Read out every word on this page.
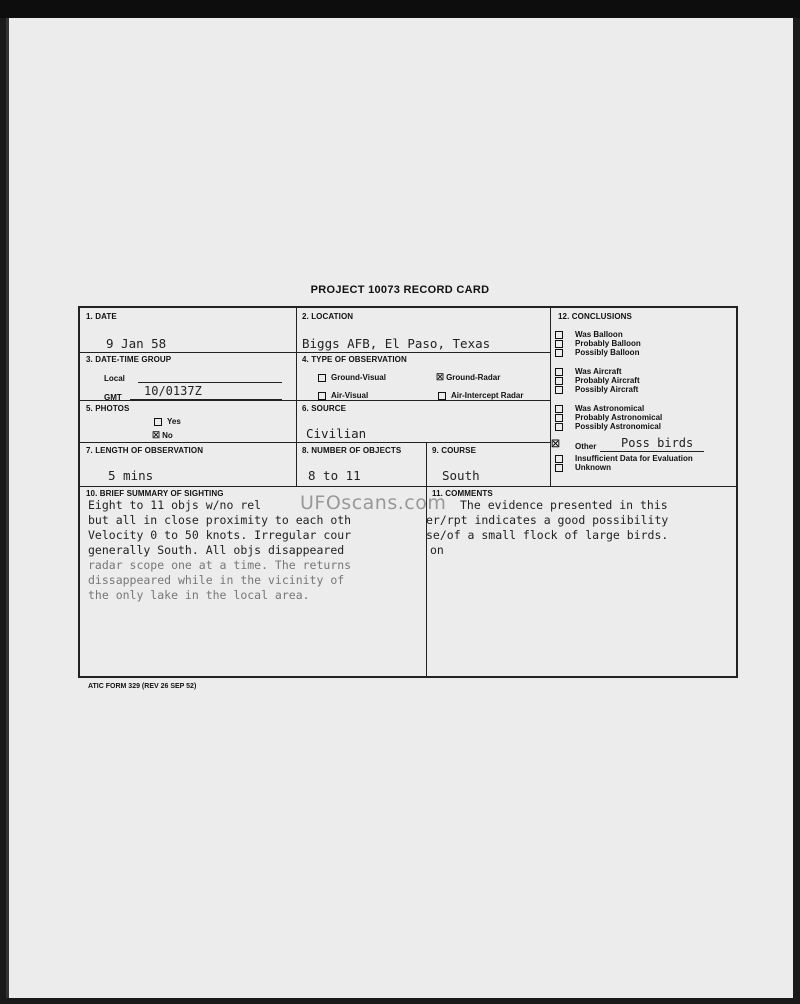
PROJECT 10073 RECORD CARD
1. DATE
9 Jan 58
2. LOCATION
Biggs AFB, El Paso, Texas
3. DATE-TIME GROUP
Local
GMT 10/0137Z
4. TYPE OF OBSERVATION
Ground-Visual	☒ Ground-Radar
Air-Visual	Air-Intercept Radar
5. PHOTOS
Yes
☒ No
6. SOURCE
Civilian
7. LENGTH OF OBSERVATION
5 mins
8. NUMBER OF OBJECTS
8 to 11
9. COURSE
South
10. BRIEF SUMMARY OF SIGHTING
Eight to 11 objs w/no rel
but all in close proximity to each oth
Velocity 0 to 50 knots. Irregular cour
generally South. All objs disappeared
radar scope one at a time. The returns
dissappeared while in the vicinity of
the only lake in the local area.
11. COMMENTS
The evidence presented in this
er/rpt indicates a good possibility
se/of a small flock of large birds.
on
12. CONCLUSIONS
Was Balloon
Probably Balloon
Possibly Balloon
Was Aircraft
Probably Aircraft
Possibly Aircraft
Was Astronomical
Probably Astronomical
Possibly Astronomical
☒ Other Poss birds
Insufficient Data for Evaluation
Unknown
UFOscans.com
ATIC FORM 329 (REV 26 SEP 52)
